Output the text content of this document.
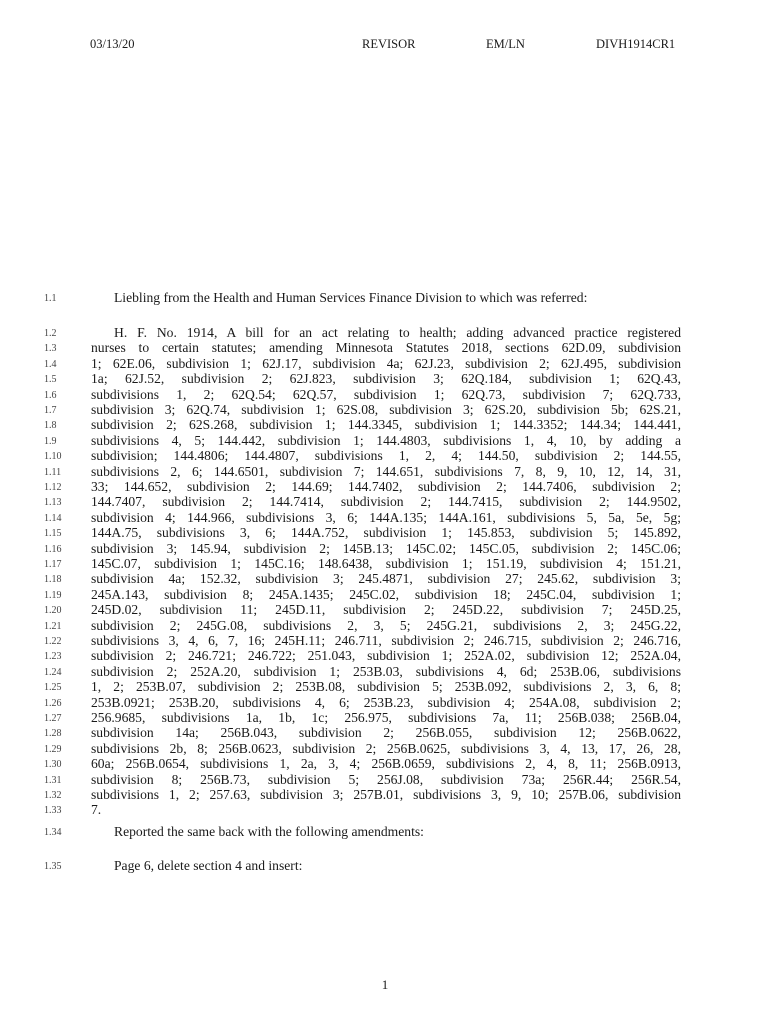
03/13/20	REVISOR	EM/LN	DIVH1914CR1
1.1	Liebling from the Health and Human Services Finance Division to which was referred:
1.2	H. F. No. 1914, A bill for an act relating to health; adding advanced practice registered
1.3	nurses to certain statutes; amending Minnesota Statutes 2018, sections 62D.09, subdivision
1.4	1; 62E.06, subdivision 1; 62J.17, subdivision 4a; 62J.23, subdivision 2; 62J.495, subdivision
1.5	1a; 62J.52, subdivision 2; 62J.823, subdivision 3; 62Q.184, subdivision 1; 62Q.43,
1.6	subdivisions 1, 2; 62Q.54; 62Q.57, subdivision 1; 62Q.73, subdivision 7; 62Q.733,
1.7	subdivision 3; 62Q.74, subdivision 1; 62S.08, subdivision 3; 62S.20, subdivision 5b; 62S.21,
1.8	subdivision 2; 62S.268, subdivision 1; 144.3345, subdivision 1; 144.3352; 144.34; 144.441,
1.9	subdivisions 4, 5; 144.442, subdivision 1; 144.4803, subdivisions 1, 4, 10, by adding a
1.10 subdivision; 144.4806; 144.4807, subdivisions 1, 2, 4; 144.50, subdivision 2; 144.55,
1.11 subdivisions 2, 6; 144.6501, subdivision 7; 144.651, subdivisions 7, 8, 9, 10, 12, 14, 31,
1.12 33; 144.652, subdivision 2; 144.69; 144.7402, subdivision 2; 144.7406, subdivision 2;
1.13 144.7407, subdivision 2; 144.7414, subdivision 2; 144.7415, subdivision 2; 144.9502,
1.14 subdivision 4; 144.966, subdivisions 3, 6; 144A.135; 144A.161, subdivisions 5, 5a, 5e, 5g;
1.15 144A.75, subdivisions 3, 6; 144A.752, subdivision 1; 145.853, subdivision 5; 145.892,
1.16 subdivision 3; 145.94, subdivision 2; 145B.13; 145C.02; 145C.05, subdivision 2; 145C.06;
1.17 145C.07, subdivision 1; 145C.16; 148.6438, subdivision 1; 151.19, subdivision 4; 151.21,
1.18 subdivision 4a; 152.32, subdivision 3; 245.4871, subdivision 27; 245.62, subdivision 3;
1.19 245A.143, subdivision 8; 245A.1435; 245C.02, subdivision 18; 245C.04, subdivision 1;
1.20 245D.02, subdivision 11; 245D.11, subdivision 2; 245D.22, subdivision 7; 245D.25,
1.21 subdivision 2; 245G.08, subdivisions 2, 3, 5; 245G.21, subdivisions 2, 3; 245G.22,
1.22 subdivisions 3, 4, 6, 7, 16; 245H.11; 246.711, subdivision 2; 246.715, subdivision 2; 246.716,
1.23 subdivision 2; 246.721; 246.722; 251.043, subdivision 1; 252A.02, subdivision 12; 252A.04,
1.24 subdivision 2; 252A.20, subdivision 1; 253B.03, subdivisions 4, 6d; 253B.06, subdivisions
1.25 1, 2; 253B.07, subdivision 2; 253B.08, subdivision 5; 253B.092, subdivisions 2, 3, 6, 8;
1.26 253B.0921; 253B.20, subdivisions 4, 6; 253B.23, subdivision 4; 254A.08, subdivision 2;
1.27 256.9685, subdivisions 1a, 1b, 1c; 256.975, subdivisions 7a, 11; 256B.038; 256B.04,
1.28 subdivision 14a; 256B.043, subdivision 2; 256B.055, subdivision 12; 256B.0622,
1.29 subdivisions 2b, 8; 256B.0623, subdivision 2; 256B.0625, subdivisions 3, 4, 13, 17, 26, 28,
1.30 60a; 256B.0654, subdivisions 1, 2a, 3, 4; 256B.0659, subdivisions 2, 4, 8, 11; 256B.0913,
1.31 subdivision 8; 256B.73, subdivision 5; 256J.08, subdivision 73a; 256R.44; 256R.54,
1.32 subdivisions 1, 2; 257.63, subdivision 3; 257B.01, subdivisions 3, 9, 10; 257B.06, subdivision
1.33 7.
1.34	Reported the same back with the following amendments:
1.35	Page 6, delete section 4 and insert:
1
